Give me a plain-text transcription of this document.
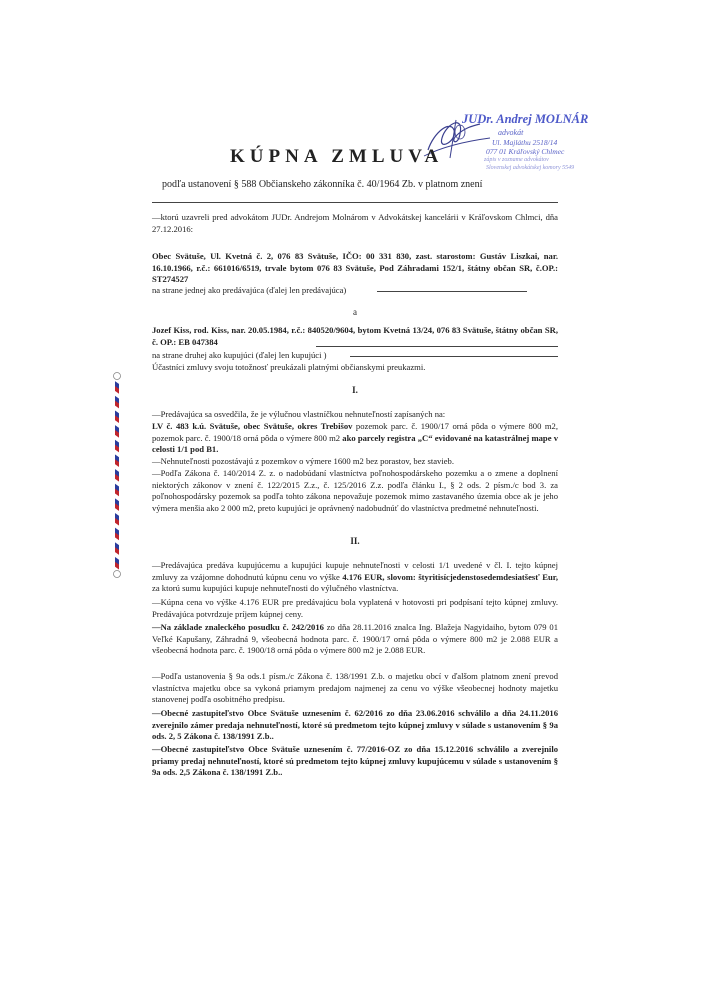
JUDr. Andrej MOLNÁR
advokát
Ul. Majláthu 2518/14
077 01 Kráľovský Chlmec
zápis v zozname advokátov
Slovenskej advokátskej komory 5549
KÚPNA ZMLUVA
podľa ustanovení § 588 Občianskeho zákonníka č. 40/1964 Zb. v platnom znení

—ktorú uzavreli pred advokátom JUDr. Andrejom Molnárom v Advokátskej kancelárii v Kráľovskom Chlmci, dňa 27.12.2016:

Obec Svätuše, Ul. Kvetná č. 2, 076 83 Svätuše, IČO: 00 331 830, zast. starostom: Gustáv Liszkai, nar. 16.10.1966, r.č.: 661016/6519, trvale bytom 076 83 Svätuše, Pod Záhradami 152/1, štátny občan SR, č.OP.: ST274527

na strane jednej ako predávajúca (ďalej len predávajúca)

a

Jozef Kiss, rod. Kiss, nar. 20.05.1984, r.č.: 840520/9604, bytom Kvetná 13/24, 076 83 Svätuše, štátny občan SR, č. OP.: EB 047384

na strane druhej ako kupujúci (ďalej len kupujúci )

Účastníci zmluvy svoju totožnosť preukázali platnými občianskymi preukazmi.

I.

—Predávajúca sa osvedčila, že je výlučnou vlastníčkou nehnuteľností zapísaných na:

LV č. 483 k.ú. Svätuše, obec Svätuše, okres Trebišov pozemok parc. č. 1900/17 orná pôda o výmere 800 m2, pozemok parc. č. 1900/18 orná pôda o výmere 800 m2 ako parcely registra „C“ evidované na katastrálnej mape v celosti 1/1 pod B1.

—Nehnuteľnosti pozostávajú z pozemkov o výmere 1600 m2 bez porastov, bez stavieb.

—Podľa Zákona č. 140/2014 Z. z. o nadobúdaní vlastníctva poľnohospodárskeho pozemku a o zmene a doplnení niektorých zákonov v znení č. 122/2015 Z.z., č. 125/2016 Z.z. podľa článku I., § 2 ods. 2 písm./c bod 3. za poľnohospodársky pozemok sa podľa tohto zákona nepovažuje pozemok mimo zastavaného územia obce ak je jeho výmera menšia ako 2 000 m2, preto kupujúci je oprávnený nadobudnúť do vlastníctva predmetné nehnuteľnosti.

II.

—Predávajúca predáva kupujúcemu a kupujúci kupuje nehnuteľnosti v celosti 1/1 uvedené v čl. I. tejto kúpnej zmluvy za vzájomne dohodnutú kúpnu cenu vo výške 4.176 EUR, slovom: štyritisícjedenstosedemdesiatšesť Eur, za ktorú sumu kupujúci kupuje nehnuteľnosti do výlučného vlastníctva.

—Kúpna cena vo výške 4.176 EUR pre predávajúcu bola vyplatená v hotovosti pri podpísaní tejto kúpnej zmluvy. Predávajúca potvrdzuje príjem kúpnej ceny.

—Na základe znaleckého posudku č. 242/2016 zo dňa 28.11.2016 znalca Ing. Blažeja Nagyidaiho, bytom 079 01 Veľké Kapušany, Záhradná 9, všeobecná hodnota parc. č. 1900/17 orná pôda o výmere 800 m2 je 2.088 EUR a všeobecná hodnota parc. č. 1900/18 orná pôda o výmere 800 m2 je 2.088 EUR.

—Podľa ustanovenia § 9a ods.1 písm./c Zákona č. 138/1991 Z.b. o majetku obcí v ďalšom platnom znení prevod vlastníctva majetku obce sa vykoná priamym predajom najmenej za cenu vo výške všeobecnej hodnoty majetku stanovenej podľa osobitného predpisu.

—Obecné zastupiteľstvo Obce Svätuše uznesením č. 62/2016 zo dňa 23.06.2016 schválilo a dňa 24.11.2016 zverejnilo zámer predaja nehnuteľností, ktoré sú predmetom tejto kúpnej zmluvy v súlade s ustanovením § 9a ods. 2, 5 Zákona č. 138/1991 Z.b..

—Obecné zastupiteľstvo Obce Svätuše uznesením č. 77/2016-OZ zo dňa 15.12.2016 schválilo a zverejnilo priamy predaj nehnuteľností, ktoré sú predmetom tejto kúpnej zmluvy kupujúcemu v súlade s ustanovením § 9a ods. 2,5 Zákona č. 138/1991 Z.b..
